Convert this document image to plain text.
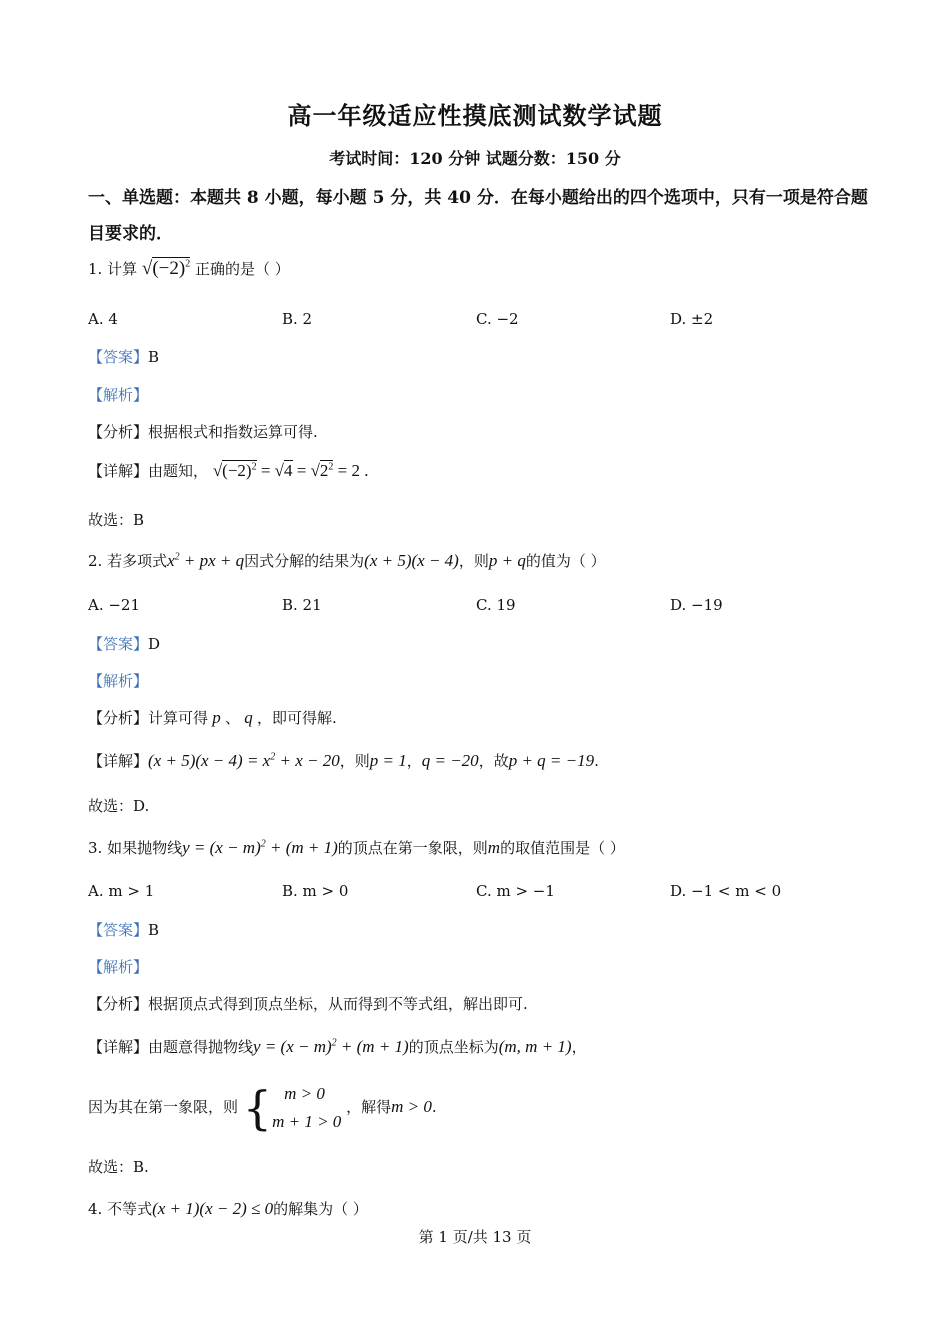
高一年级适应性摸底测试数学试题
考试时间：120 分钟 试题分数：150 分
一、单选题：本题共 8 小题，每小题 5 分，共 40 分．在每小题给出的四个选项中，只有一项是符合题目要求的．
1. 计算 $√(-2)^2$ 正确的是（ ）
A. 4	B. 2	C. −2	D. ±2
【答案】B
【解析】
【分析】根据根式和指数运算可得.
【详解】由题知， $√(-2)^2 = √4 = √2^2 = 2$ .
故选：B
2. 若多项式$x^2$ + px + q因式分解的结果为(x + 5)(x − 4)，则p + q的值为（ ）
A. −21	B. 21	C. 19	D. −19
【答案】D
【解析】
【分析】计算可得 p 、 q ，即可得解.
【详解】$(x + 5)(x - 4) = x^2 + x - 20$，则p = 1，q = −20，故p + q = −19.
故选：D.
3. 如果抛物线$y = (x - m)^2 + (m + 1)$的顶点在第一象限，则m的取值范围是（ ）
A. m > 1	B. m > 0	C. m > −1	D. −1 < m < 0
【答案】B
【解析】
【分析】根据顶点式得到顶点坐标，从而得到不等式组，解出即可.
【详解】由题意得抛物线$y = (x - m)^2 + (m + 1)$的顶点坐标为(m, m + 1)，
因为其在第一象限，则 { m > 0
m + 1 > 0 ，解得m > 0.
故选：B.
4. 不等式(x + 1)(x − 2) ≤ 0的解集为（ ）
第 1 页/共 13 页
